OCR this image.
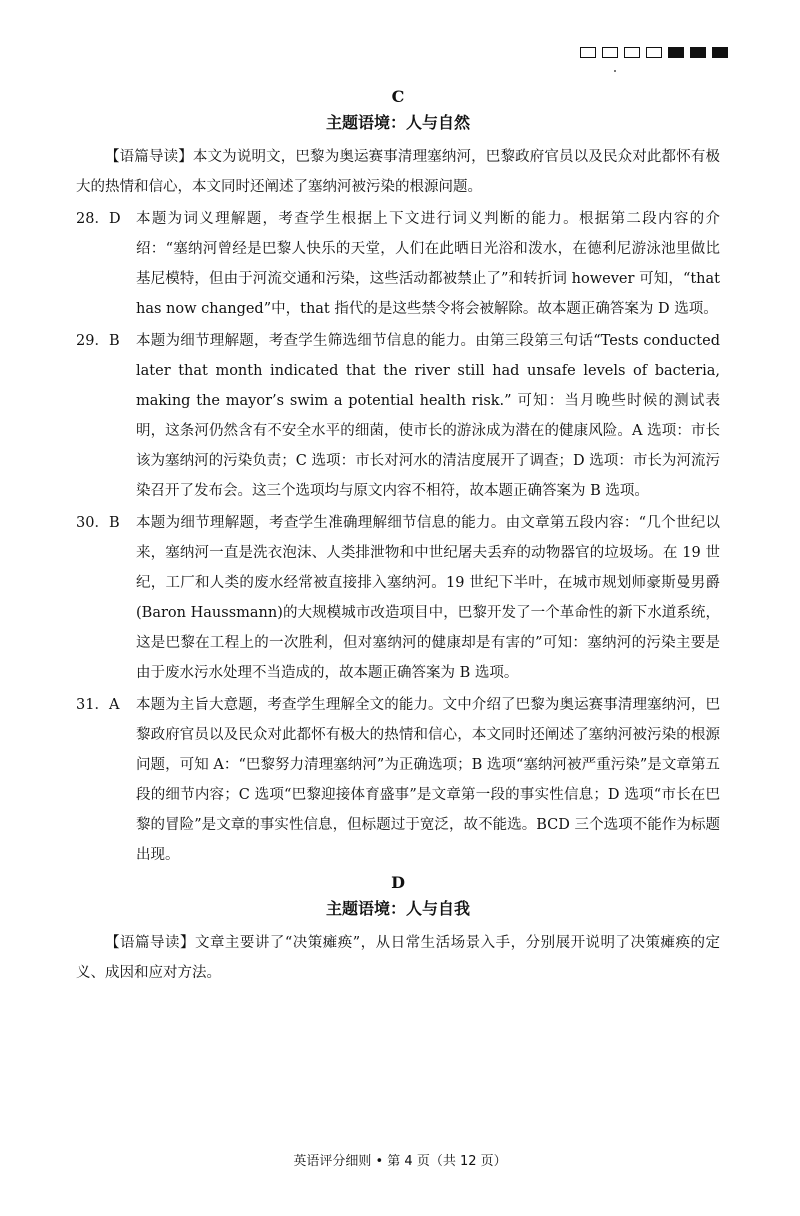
C
主题语境：人与自然
【语篇导读】本文为说明文，巴黎为奥运赛事清理塞纳河，巴黎政府官员以及民众对此都怀有极大的热情和信心，本文同时还阐述了塞纳河被污染的根源问题。
28．D	本题为词义理解题，考查学生根据上下文进行词义判断的能力。根据第二段内容的介绍：“塞纳河曾经是巴黎人快乐的天堂，人们在此晒日光浴和泼水，在德利尼游泳池里做比基尼模特，但由于河流交通和污染，这些活动都被禁止了”和转折词 however 可知，“that has now changed”中，that 指代的是这些禁令将会被解除。故本题正确答案为 D 选项。
29．B	本题为细节理解题，考查学生筛选细节信息的能力。由第三段第三句话“Tests conducted later that month indicated that the river still had unsafe levels of bacteria, making the mayor’s swim a potential health risk.” 可知：当月晚些时候的测试表明，这条河仍然含有不安全水平的细菌，使市长的游泳成为潜在的健康风险。A 选项：市长该为塞纳河的污染负责；C 选项：市长对河水的清洁度展开了调查；D 选项：市长为河流污染召开了发布会。这三个选项均与原文内容不相符，故本题正确答案为 B 选项。
30．B	本题为细节理解题，考查学生准确理解细节信息的能力。由文章第五段内容：“几个世纪以来，塞纳河一直是洗衣泡沫、人类排泄物和中世纪屠夫丢弃的动物器官的垃圾场。在 19 世纪，工厂和人类的废水经常被直接排入塞纳河。19 世纪下半叶，在城市规划师豪斯曼男爵(Baron Haussmann)的大规模城市改造项目中，巴黎开发了一个革命性的新下水道系统，这是巴黎在工程上的一次胜利，但对塞纳河的健康却是有害的”可知：塞纳河的污染主要是由于废水污水处理不当造成的，故本题正确答案为 B 选项。
31．A	本题为主旨大意题，考查学生理解全文的能力。文中介绍了巴黎为奥运赛事清理塞纳河，巴黎政府官员以及民众对此都怀有极大的热情和信心，本文同时还阐述了塞纳河被污染的根源问题，可知 A：“巴黎努力清理塞纳河”为正确选项；B 选项“塞纳河被严重污染”是文章第五段的细节内容；C 选项“巴黎迎接体育盛事”是文章第一段的事实性信息；D 选项“市长在巴黎的冒险”是文章的事实性信息，但标题过于宽泛，故不能选。BCD 三个选项不能作为标题出现。
D
主题语境：人与自我
【语篇导读】文章主要讲了“决策瘫痪”，从日常生活场景入手，分别展开说明了决策瘫痪的定义、成因和应对方法。
英语评分细则 • 第 4 页（共 12 页）
